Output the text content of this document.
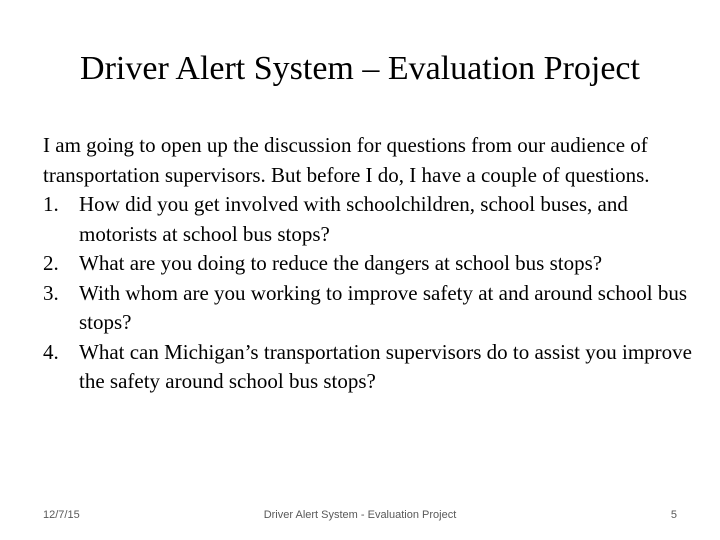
Driver Alert System – Evaluation Project

I am going to open up the discussion for questions from our audience of transportation supervisors. But before I do, I have a couple of questions.

1. How did you get involved with schoolchildren, school buses, and motorists at school bus stops?
2. What are you doing to reduce the dangers at school bus stops?
3. With whom are you working to improve safety at and around school bus stops?
4. What can Michigan’s transportation supervisors do to assist you improve the safety around school bus stops?
12/7/15	Driver Alert System - Evaluation Project	5
